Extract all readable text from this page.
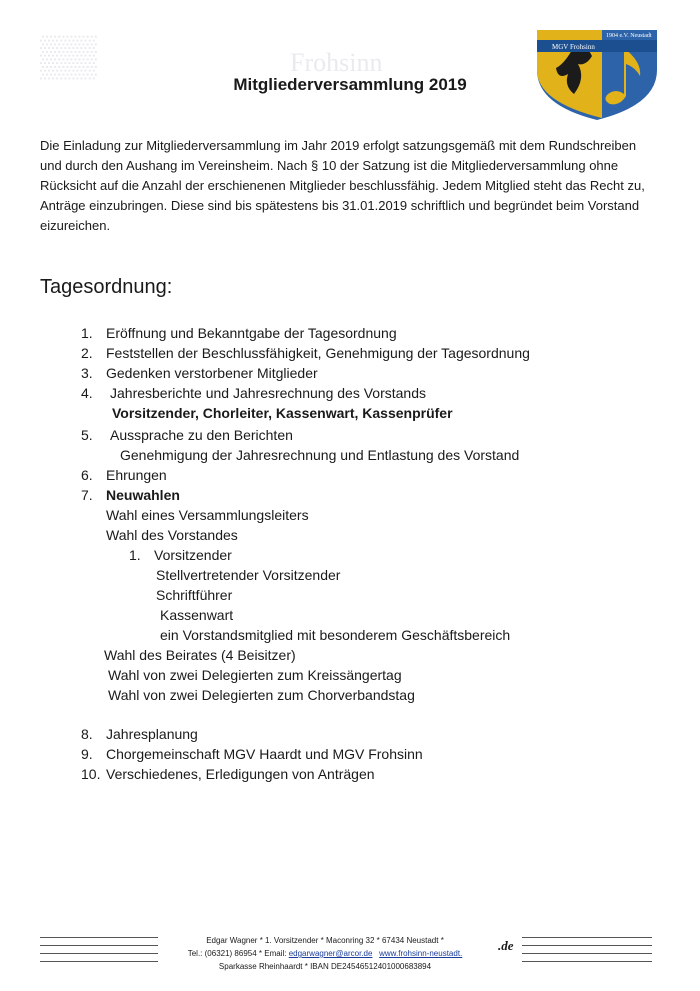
Frohsinn
▒▒	MGV Frohsinn
1904 e.V. Neustadt
Mitgliederversammlung 2019
Die Einladung zur Mitgliederversammlung im Jahr 2019 erfolgt satzungsgemäß mit dem Rundschreiben und durch den Aushang im Vereinsheim. Nach § 10 der Satzung ist die Mitgliederversammlung ohne Rücksicht auf die Anzahl der erschienenen Mitglieder beschlussfähig. Jedem Mitglied steht das Recht zu, Anträge einzubringen. Diese sind bis spätestens bis 31.01.2019 schriftlich und begründet beim Vorstand eizureichen.
Tagesordnung:
1. Eröffnung und Bekanntgabe der Tagesordnung
2. Feststellen der Beschlussfähigkeit, Genehmigung der Tagesordnung
3. Gedenken verstorbener Mitglieder
4. Jahresberichte und Jahresrechnung des Vorstands
Vorsitzender, Chorleiter, Kassenwart, Kassenprüfer
5. Aussprache zu den Berichten
Genehmigung der Jahresrechnung und Entlastung des Vorstand
6. Ehrungen
7. Neuwahlen
Wahl eines Versammlungsleiters
Wahl des Vorstandes
1. Vorsitzender
Stellvertretender Vorsitzender
Schriftführer
Kassenwart
ein Vorstandsmitglied mit besonderem Geschäftsbereich
Wahl des Beirates (4 Beisitzer)
Wahl von zwei Delegierten zum Kreissängertag
Wahl von zwei Delegierten zum Chorverbandstag
8. Jahresplanung
9. Chorgemeinschaft MGV Haardt und MGV Frohsinn
10. Verschiedenes, Erledigungen von Anträgen
Edgar Wagner * 1. Vorsitzender * Maconring 32 * 67434 Neustadt *
Tel.: (06321) 86954 * Email: edgarwagner@arcor.de www.frohsinn-neustadt.
Sparkasse Rheinhaardt * IBAN DE24546512401000683894
.de
